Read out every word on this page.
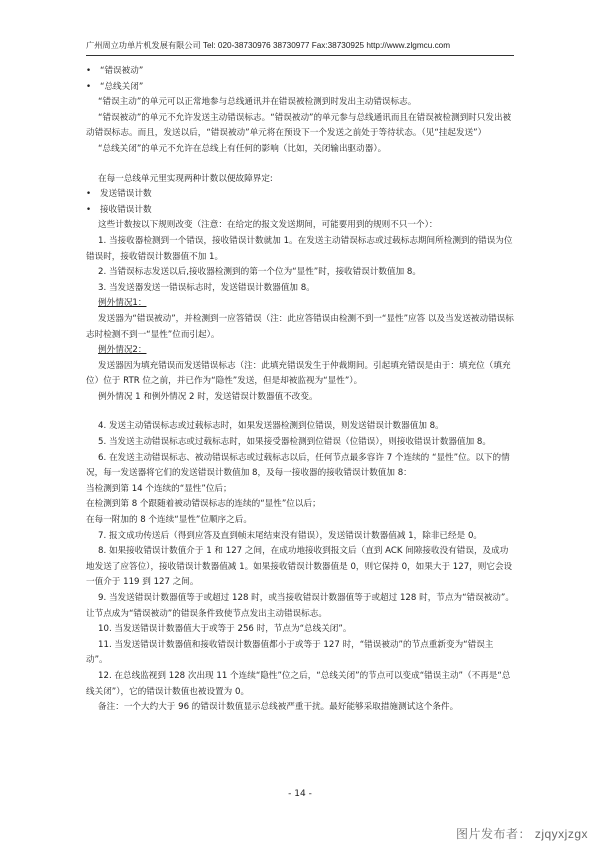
广州周立功单片机发展有限公司 Tel: 020-38730976 38730977 Fax:38730925 http://www.zlgmcu.com

• “错误被动”

• “总线关闭”

“错误主动”的单元可以正常地参与总线通讯并在错误被检测到时发出主动错误标志。

“错误被动”的单元不允许发送主动错误标志。“错误被动”的单元参与总线通讯而且在错误被检测到时只发出被动错误标志。而且，发送以后，“错误被动”单元将在预设下一个发送之前处于等待状态。（见“挂起发送”）

“总线关闭”的单元不允许在总线上有任何的影响（比如，关闭输出驱动器）。

在每一总线单元里实现两种计数以便故障界定:

• 发送错误计数

• 接收错误计数

这些计数按以下规则改变（注意：在给定的报文发送期间，可能要用到的规则不只一个）：

1. 当接收器检测到一个错误，接收错误计数就加 1。在发送主动错误标志或过载标志期间所检测到的错误为位错误时，接收错误计数器值不加 1。

2. 当错误标志发送以后,接收器检测到的第一个位为“显性”时，接收错误计数值加 8。

3. 当发送器发送一错误标志时，发送错误计数器值加 8。

例外情况1：

发送器为“错误被动”，并检测到一应答错误（注：此应答错误由检测不到一“显性”应答 以及当发送被动错误标志时检测不到一“显性”位而引起）。

例外情况2：

发送器因为填充错误而发送错误标志（注：此填充错误发生于仲裁期间。引起填充错误是由于：填充位（填充位）位于 RTR 位之前，并已作为“隐性”发送，但是却被监视为“显性”）。

例外情况 1 和例外情况 2 时，发送错误计数器值不改变。

4. 发送主动错误标志或过载标志时，如果发送器检测到位错误，则发送错误计数器值加 8。

5. 当发送主动错误标志或过载标志时，如果接受器检测到位错误（位错误），则接收错误计数器值加 8。

6. 在发送主动错误标志、被动错误标志或过载标志以后，任何节点最多容许 7 个连续的 “显性”位。以下的情况，每一发送器将它们的发送错误计数值加 8，及每一接收器的接收错误计数值加 8：

当检测到第 14 个连续的“显性”位后；

在检测到第 8 个跟随着被动错误标志的连续的“显性”位以后；

在每一附加的 8 个连续“显性”位顺序之后。

7. 报文成功传送后（得到应答及直到帧末尾结束没有错误），发送错误计数器值减 1，除非已经是 0。

8. 如果接收错误计数值介于 1 和 127 之间，在成功地接收到报文后（直到 ACK 间隙接收没有错误，及成功地发送了应答位），接收错误计数器值减 1。如果接收错误计数器值是 0，则它保持 0，如果大于 127，则它会设一值介于 119 到 127 之间。

9. 当发送错误计数器值等于或超过 128 时，或当接收错误计数器值等于或超过 128 时，节点为“错误被动”。让节点成为“错误被动”的错误条件致使节点发出主动错误标志。

10. 当发送错误计数器值大于或等于 256 时，节点为“总线关闭”。

11. 当发送错误计数器值和接收错误计数器值都小于或等于 127 时，“错误被动”的节点重新变为“错误主动”。

12. 在总线监视到 128 次出现 11 个连续“隐性”位之后，“总线关闭”的节点可以变成“错误主动”（不再是“总线关闭”），它的错误计数值也被设置为 0。

备注：一个大约大于 96 的错误计数值显示总线被严重干扰。最好能够采取措施测试这个条件。

- 14 -
图片发布者： zjqyxjzgx
